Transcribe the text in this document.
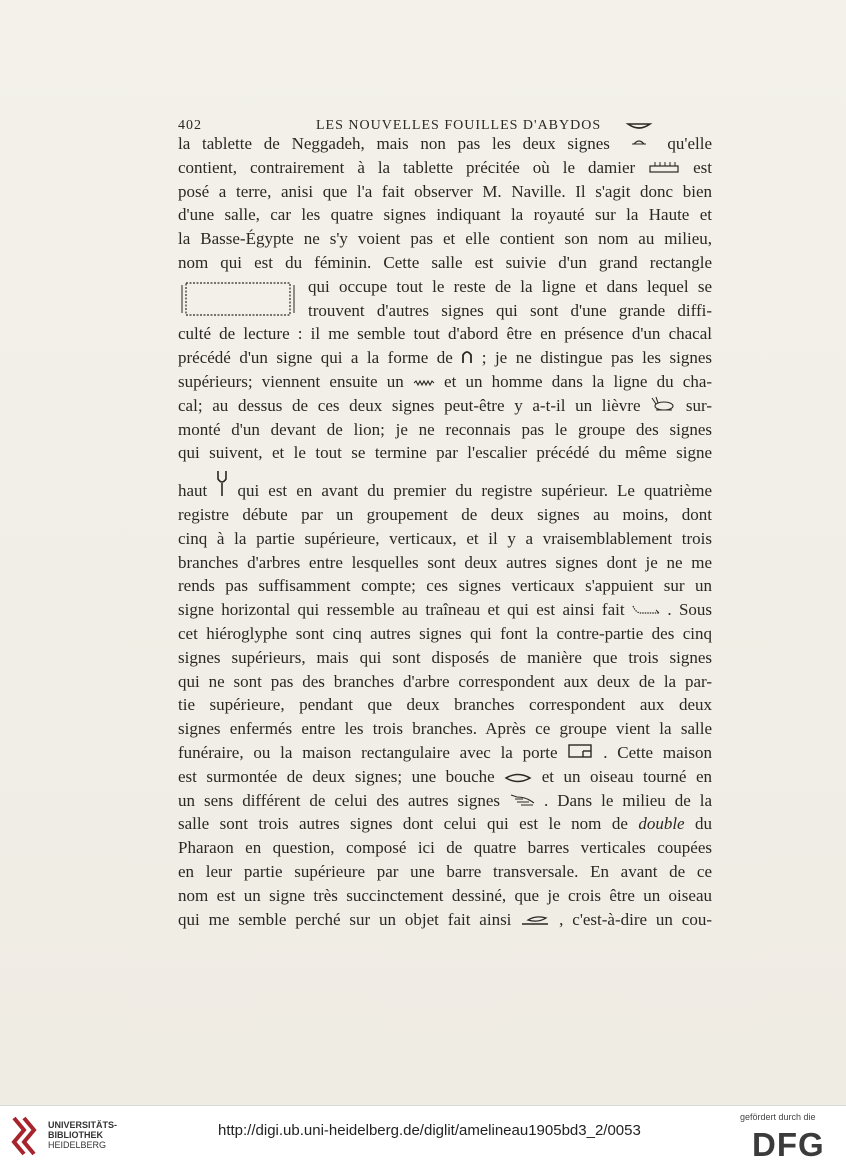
402	LES NOUVELLES FOUILLES D'ABYDOS
la tablette de Neggadeh, mais non pas les deux signes	qu'elle
contient, contrairement à la tablette précitée où le damier	est
posé a terre, anisi que l'a fait observer M. Naville. Il s'agit donc bien
d'une salle, car les quatre signes indiquant la royauté sur la Haute et
la Basse-Égypte ne s'y voient pas et elle contient son nom au milieu,
nom qui est du féminin. Cette salle est suivie d'un grand rectangle
qui occupe tout le reste de la ligne et dans lequel se
trouvent d'autres signes qui sont d'une grande diffi-
culté de lecture : il me semble tout d'abord être en présence d'un chacal
précédé d'un signe qui a la forme de ; je ne distingue pas les signes
supérieurs; viennent ensuite un et un homme dans la ligne du cha-
cal; au dessus de ces deux signes peut-être y a-t-il un lièvre	sur-
monté d'un devant de lion; je ne reconnais pas le groupe des signes
qui suivent, et le tout se termine par l'escalier précédé du même signe
haut qui est en avant du premier du registre supérieur. Le quatrième
registre débute par un groupement de deux signes au moins, dont
cinq à la partie supérieure, verticaux, et il y a vraisemblablement trois
branches d'arbres entre lesquelles sont deux autres signes dont je ne me
rends pas suffisamment compte; ces signes verticaux s'appuient sur un
signe horizontal qui ressemble au traîneau et qui est ainsi fait	. Sous
cet hiéroglyphe sont cinq autres signes qui font la contre-partie des cinq
signes supérieurs, mais qui sont disposés de manière que trois signes
qui ne sont pas des branches d'arbre correspondent aux deux de la par-
tie supérieure, pendant que deux branches correspondent aux deux
signes enfermés entre les trois branches. Après ce groupe vient la salle
funéraire, ou la maison rectangulaire avec la porte	. Cette maison
est surmontée de deux signes; une bouche	et un oiseau tourné en
un sens différent de celui des autres signes	. Dans le milieu de la
salle sont trois autres signes dont celui qui est le nom de double du
Pharaon en question, composé ici de quatre barres verticales coupées
en leur partie supérieure par une barre transversale. En avant de ce
nom est un signe très succinctement dessiné, que je crois être un oiseau
qui me semble perché sur un objet fait ainsi	, c'est-à-dire un cou-
UNIVERSITÄTS-
BIBLIOTHEK
HEIDELBERG
http://digi.ub.uni-heidelberg.de/diglit/amelineau1905bd3_2/0053
gefördert durch die
DFG
